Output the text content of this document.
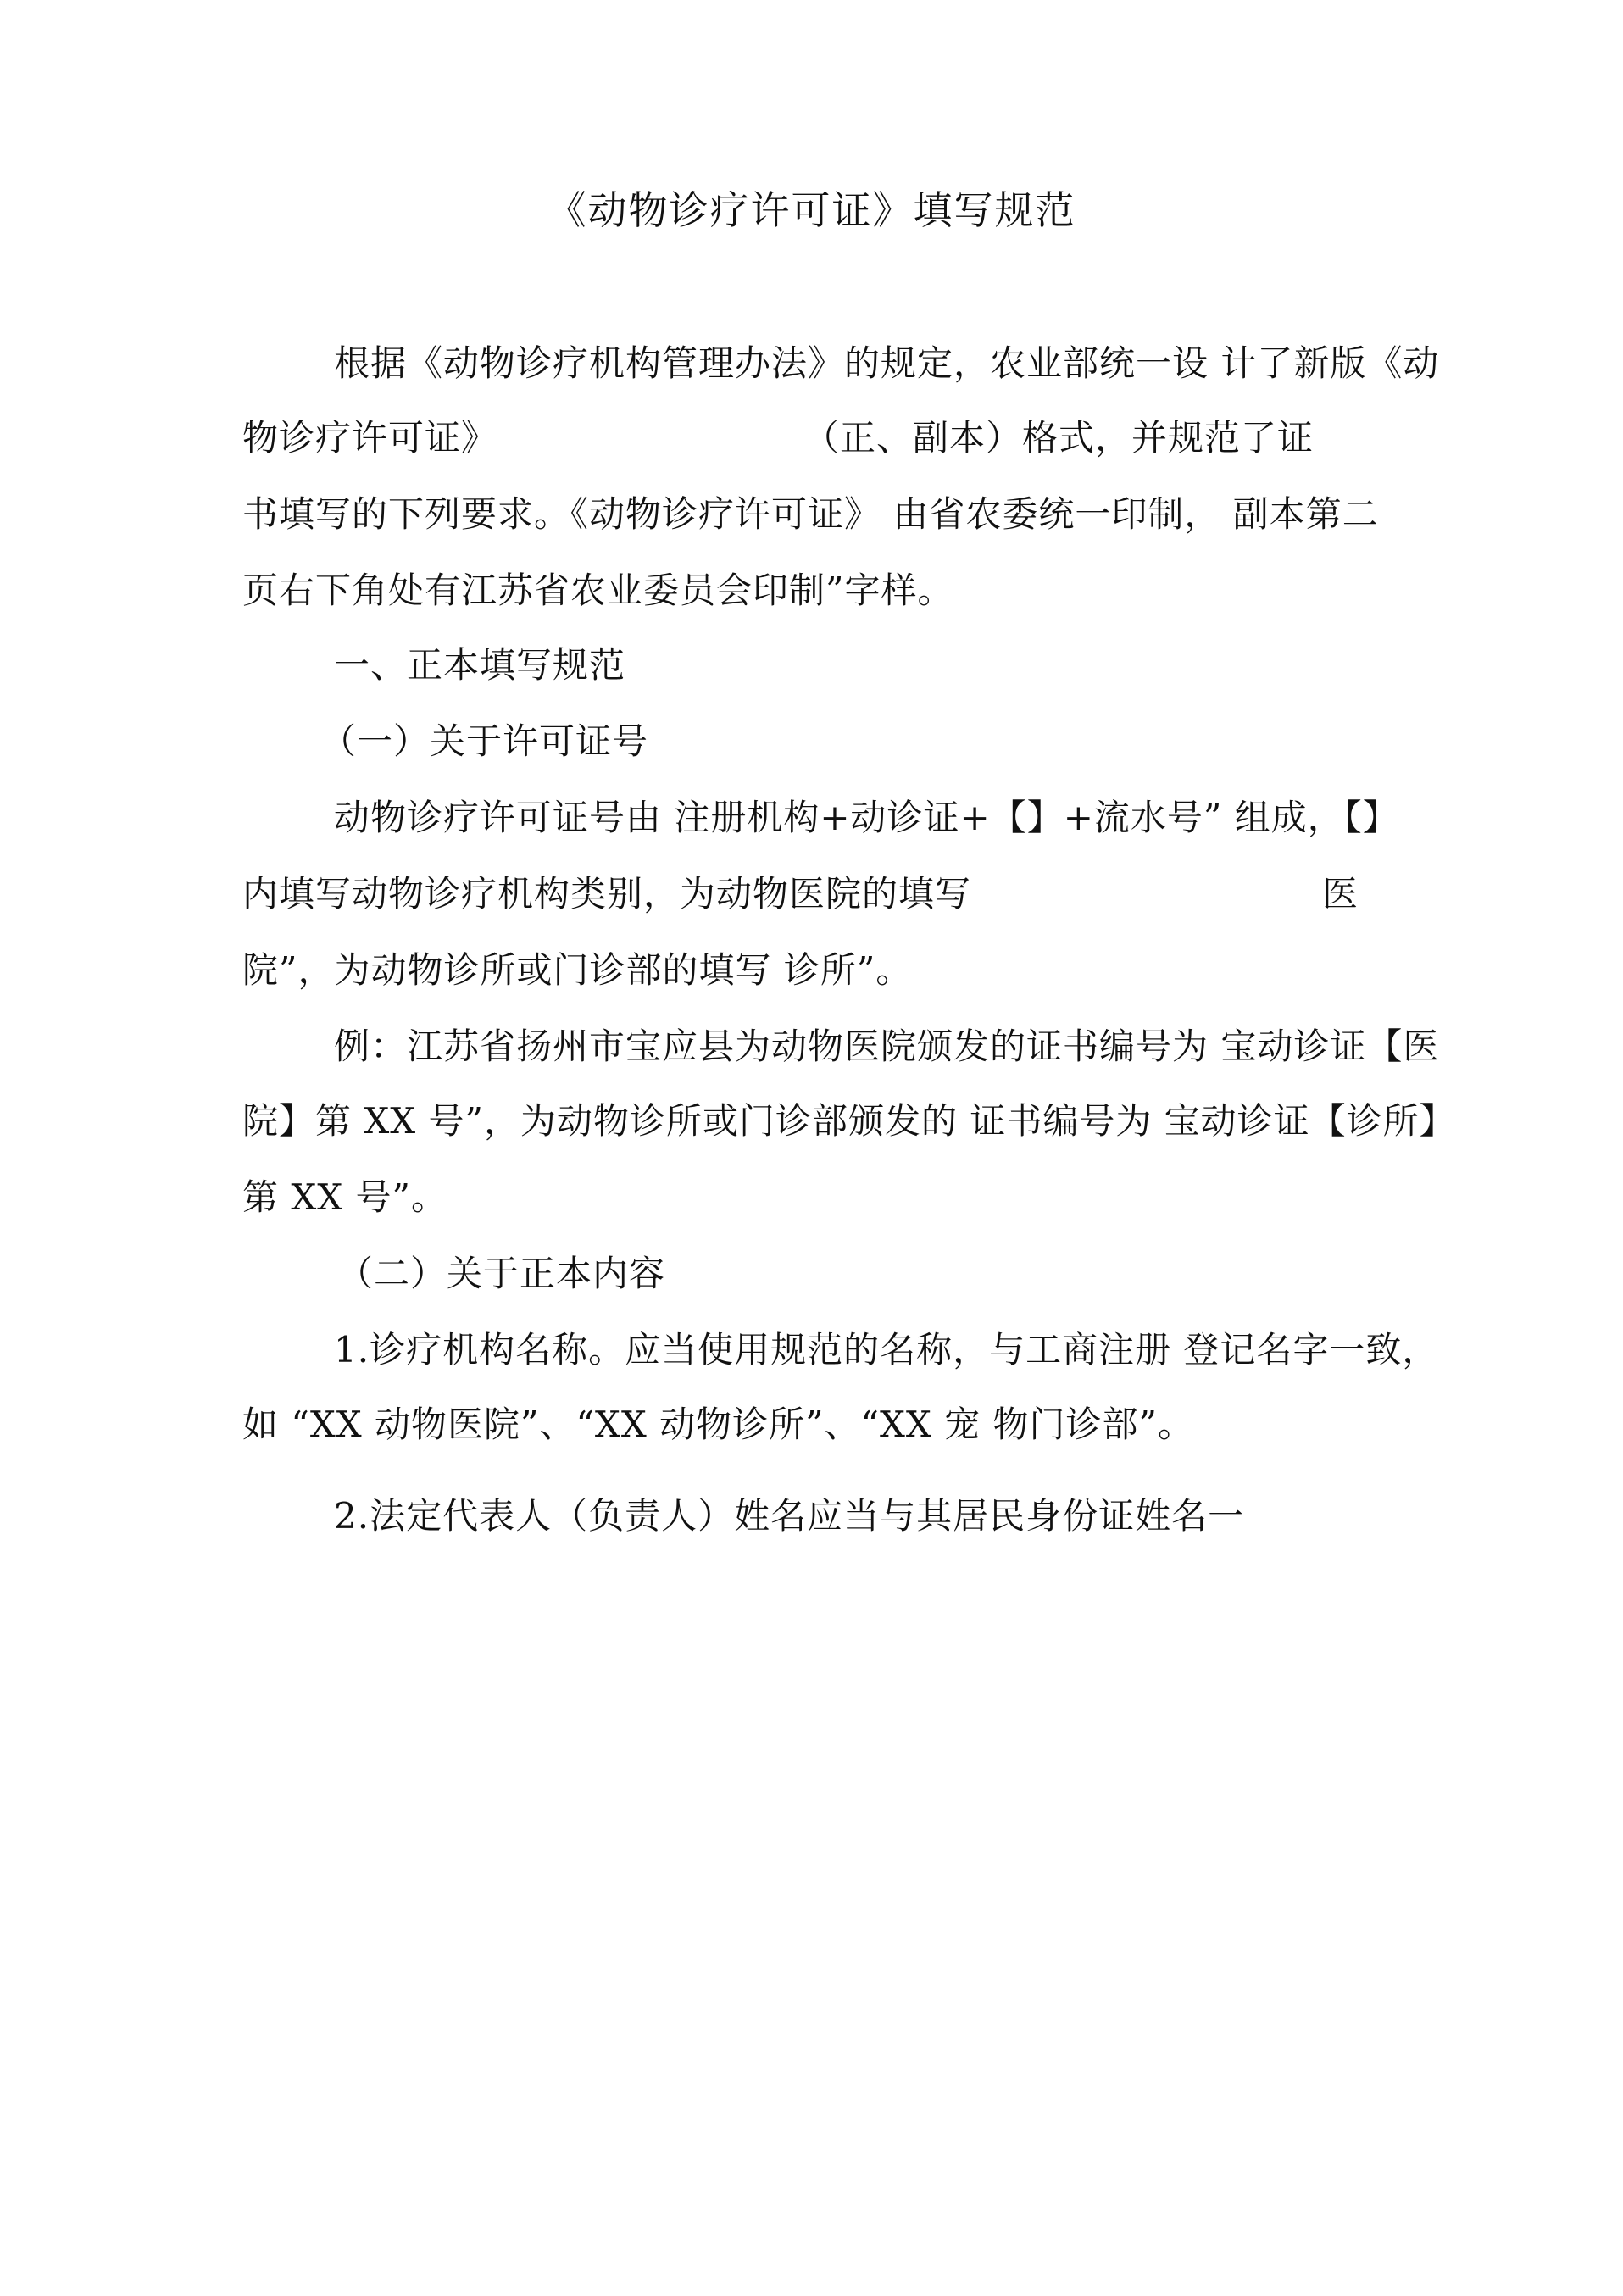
《动物诊疗许可证》填写规范
根据《动物诊疗机构管理办法》的规定，农业部统一设 计了新版《动
物诊疗许可证》	（正、副本）格式，并规范了证
书填写的下列要求。《动物诊疗许可证》 由省农委统一印制， 副本第二
页右下角处有江苏省农业委员会印制”字样。
一、正本填写规范
（一）关于许可证号
动物诊疗许可证号由 注册机构+动诊证+【】+流水号” 组成，【】
内填写动物诊疗机构类别，为动物医院的填写	医
院”，为动物诊所或门诊部的填写 诊所”。
例：江苏省扬州市宝应县为动物医院颁发的证书编号为 宝动诊证【医
院】第 XX 号”，为动物诊所或门诊部颁发的 证书编号为 宝动诊证【诊所】
第 XX 号”。
（二）关于正本内容
1.诊疗机构名称。应当使用规范的名称，与工商注册 登记名字一致，
如 “XX 动物医院”、“XX 动物诊所”、“XX 宠 物门诊部”。
2.法定代表人（负责人）姓名应当与其居民身份证姓名一
